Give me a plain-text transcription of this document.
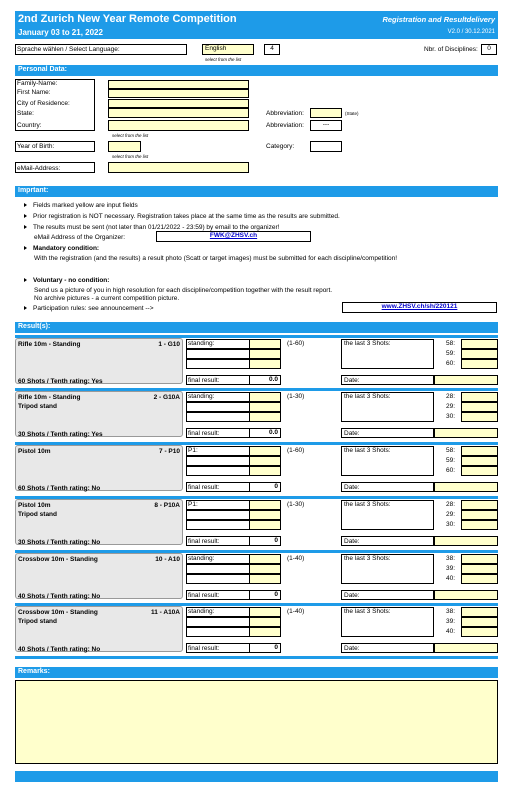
2nd Zurich New Year Remote Competition
January 03 to 21, 2022
Registration and Resultdelivery
V2.0 / 30.12.2021
Sprache wählen / Select Language:	English	4
select from the list
Nbr. of Disciplines:	0
Personal Data:
Family-Name:
First Name:
City of Residence:
State:
Country:
select from the list
Abbreviation:	(State)
Abbreviation:	---
Year of Birth:
select from the list
Category:
eMail-Address:
Imprtant:
Fields marked yellow are input fields
Prior registration is NOT necessary. Registration takes place at the same time as the results are submitted.
The results must be sent (not later than 01/21/2022 - 23:59) by email to the organizer!
eMail Address of the Organizer:	FWK@ZHSV.ch
Mandatory condition:
With the registration (and the results) a result photo (Scatt or target images) must be submitted for each discipline/competition!
Voluntary - no condition:
Send us a picture of you in high resolution for each discipline/competition together with the result report.
No archive pictures - a current competition picture.
Participation rules: see announcement -->	www.ZHSV.ch/sh/220121
Result(s):
Rifle 10m - Standing	1 - G10
60 Shots / Tenth rating: Yes
standing:	(1-60)	the last 3 Shots:	58:
59:
60:
final result:	0.0	Date:
Rifle 10m - Standing
Tripod stand
2 - G10A
30 Shots / Tenth rating: Yes
standing:	(1-30)	the last 3 Shots:	28:
29:
30:
final result:	0.0	Date:
Pistol 10m	7 - P10
60 Shots / Tenth rating: No
P1:	(1-60)	the last 3 Shots:	58:
59:
60:
final result:	0	Date:
Pistol 10m
Tripod stand
8 - P10A
30 Shots / Tenth rating: No
P1:	(1-30)	the last 3 Shots:	28:
29:
30:
final result:	0	Date:
Crossbow 10m - Standing	10 - A10
40 Shots / Tenth rating: No
standing:	(1-40)	the last 3 Shots:	38:
39:
40:
final result:	0	Date:
Crossbow 10m - Standing
Tripod stand
11 - A10A
40 Shots / Tenth rating: No
standing:	(1-40)	the last 3 Shots:	38:
39:
40:
final result:	0	Date:
Remarks:
